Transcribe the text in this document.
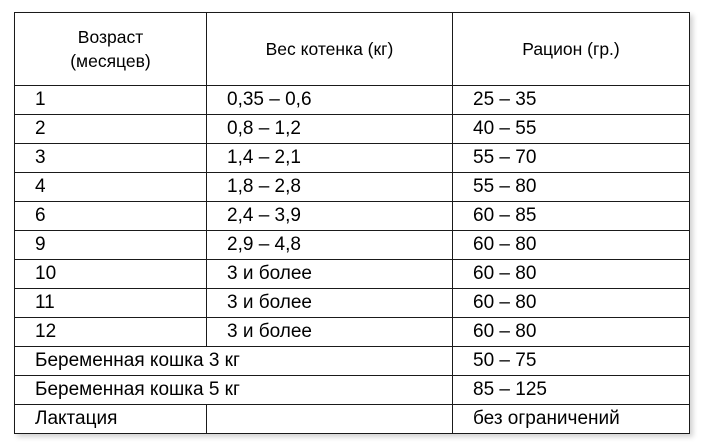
Возраст
(месяцев)	Вес котенка (кг)	Рацион (гр.)
1	0,35 – 0,6	25 – 35
2	0,8 – 1,2	40 – 55
3	1,4 – 2,1	55 – 70
4	1,8 – 2,8	55 – 80
6	2,4 – 3,9	60 – 85
9	2,9 – 4,8	60 – 80
10	3 и более	60 – 80
11	3 и более	60 – 80
12	3 и более	60 – 80
Беременная кошка 3 кг		50 – 75
Беременная кошка 5 кг		85 – 125
Лактация		без ограничений
